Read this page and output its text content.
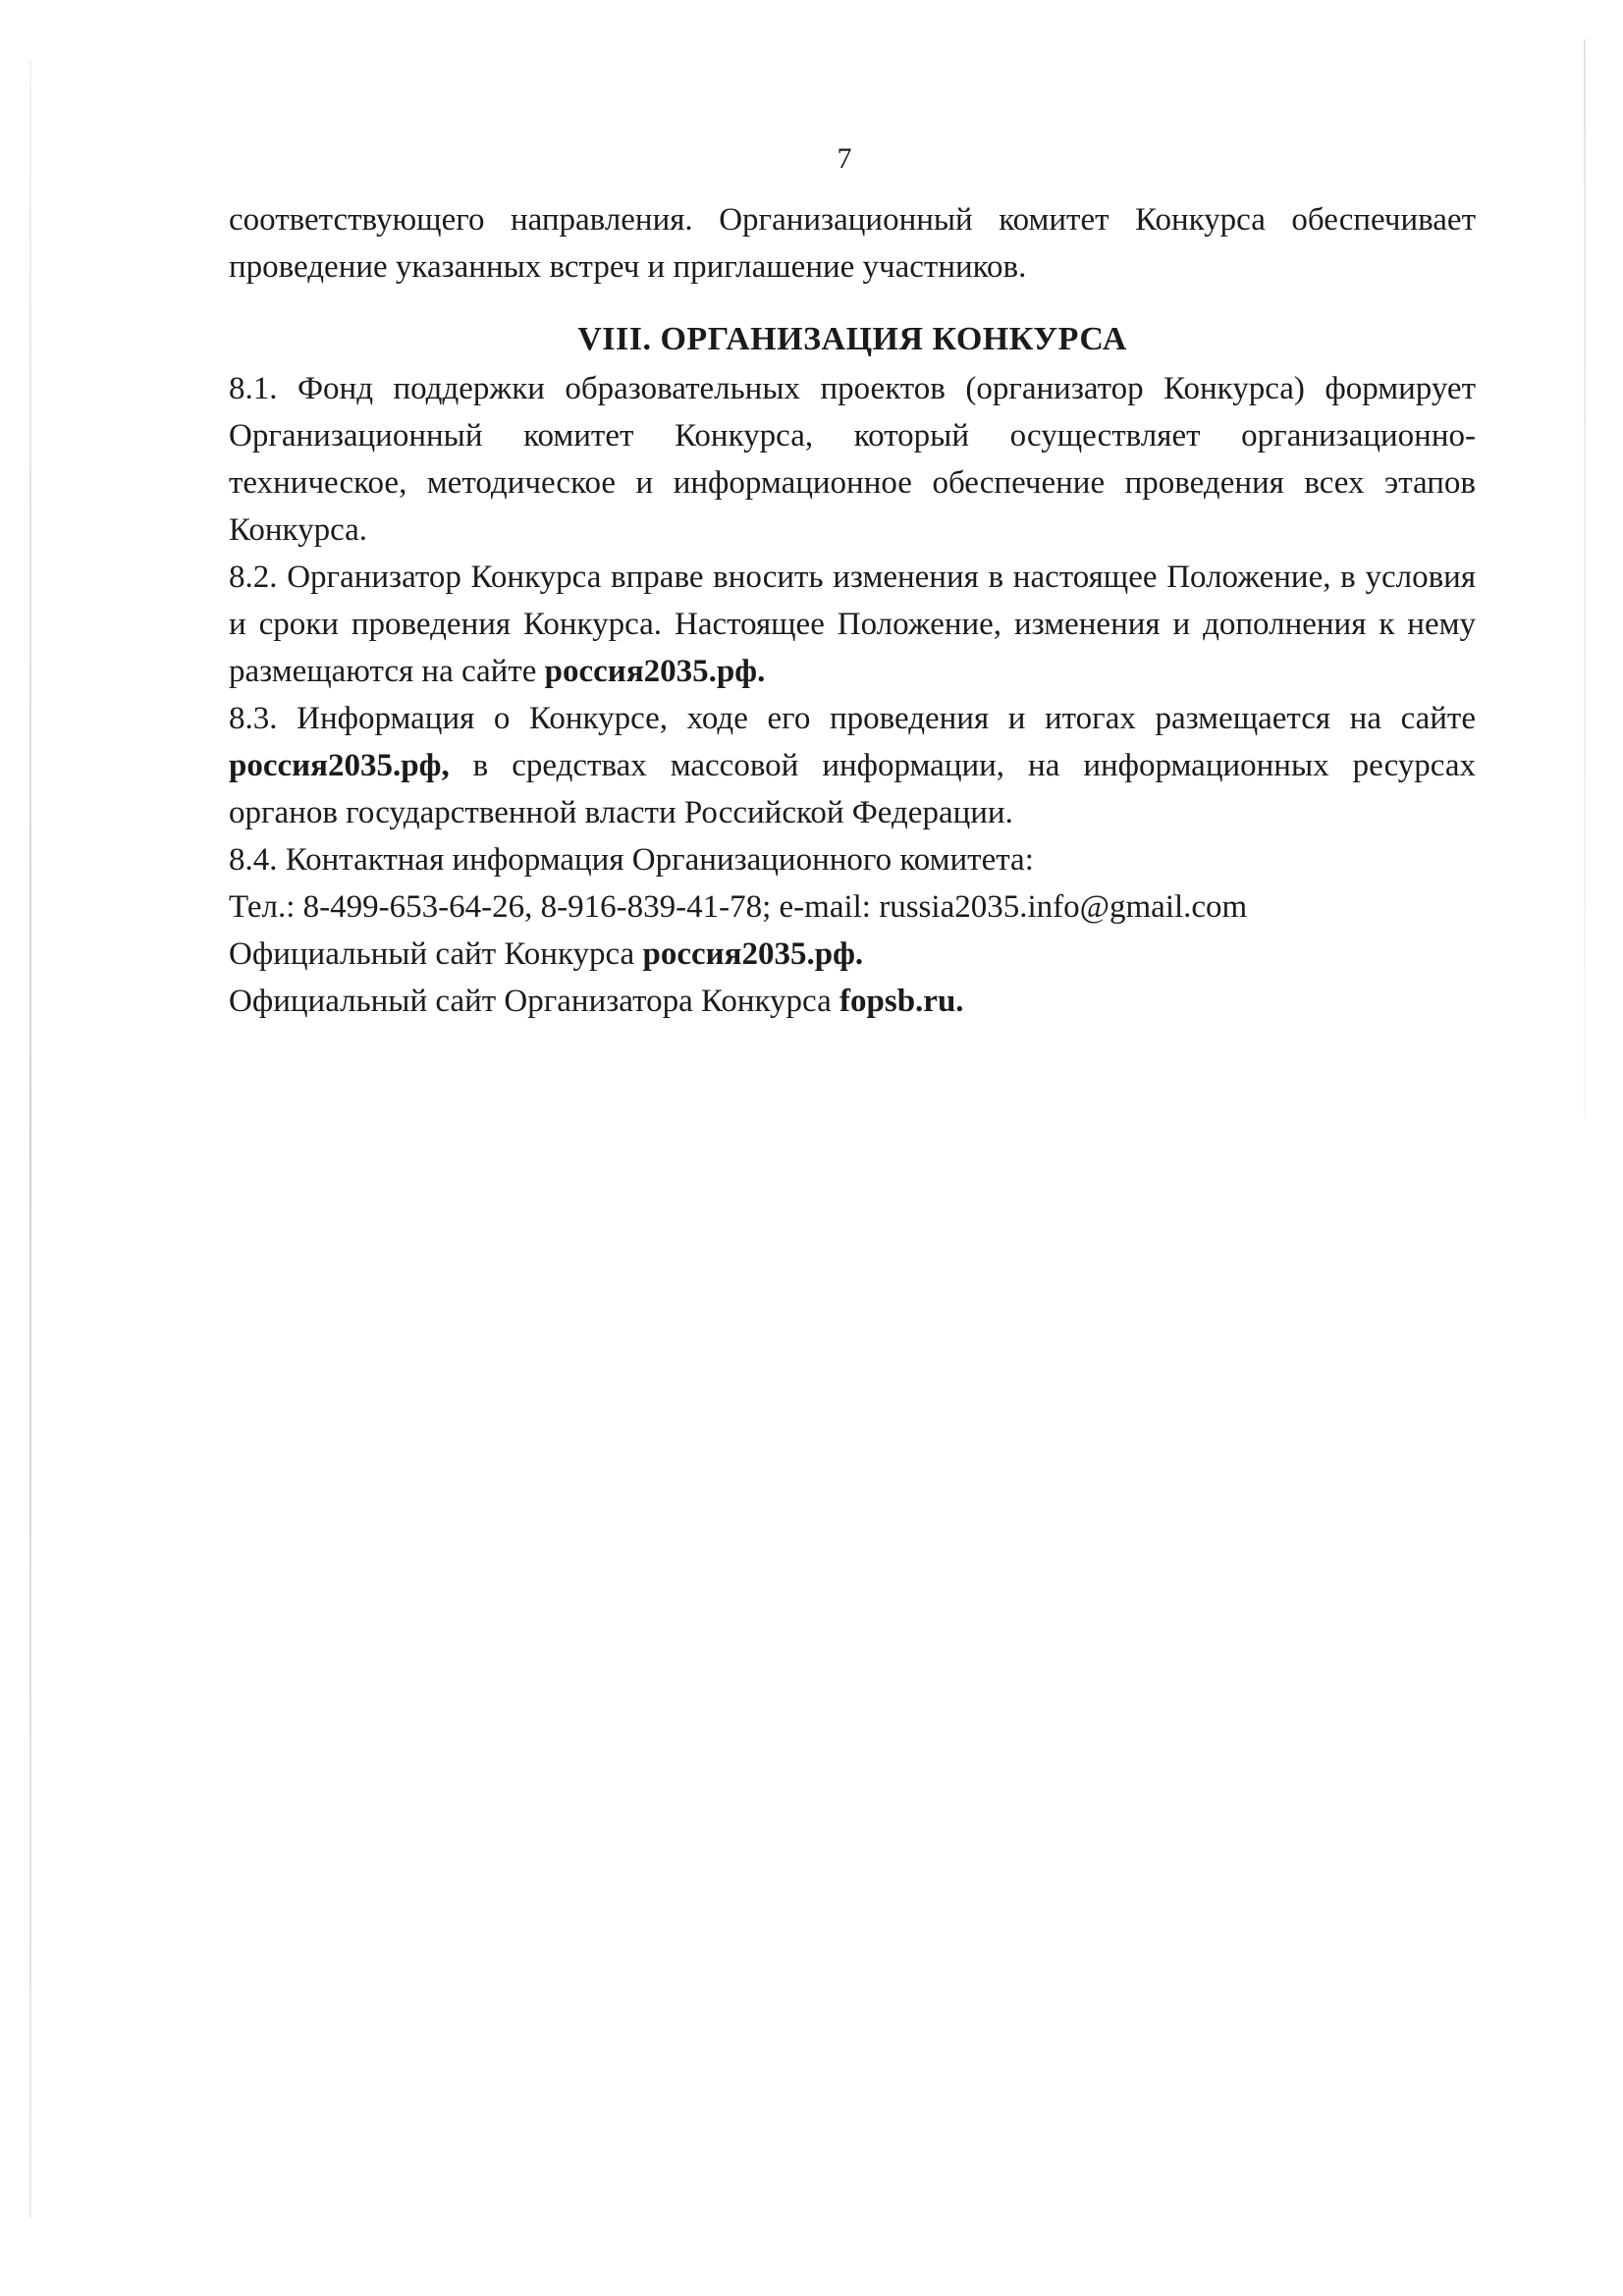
7

соответствующего направления. Организационный комитет Конкурса обеспечивает проведение указанных встреч и приглашение участников.

VIII. ОРГАНИЗАЦИЯ КОНКУРСА

8.1. Фонд поддержки образовательных проектов (организатор Конкурса) формирует Организационный комитет Конкурса, который осуществляет организационно-техническое, методическое и информационное обеспечение проведения всех этапов Конкурса.

8.2. Организатор Конкурса вправе вносить изменения в настоящее Положение, в условия и сроки проведения Конкурса. Настоящее Положение, изменения и дополнения к нему размещаются на сайте россия2035.рф.

8.3. Информация о Конкурсе, ходе его проведения и итогах размещается на сайте россия2035.рф, в средствах массовой информации, на информационных ресурсах органов государственной власти Российской Федерации.

8.4. Контактная информация Организационного комитета:

Тел.: 8-499-653-64-26, 8-916-839-41-78; e-mail: russia2035.info@gmail.com

Официальный сайт Конкурса россия2035.рф.

Официальный сайт Организатора Конкурса fopsb.ru.
